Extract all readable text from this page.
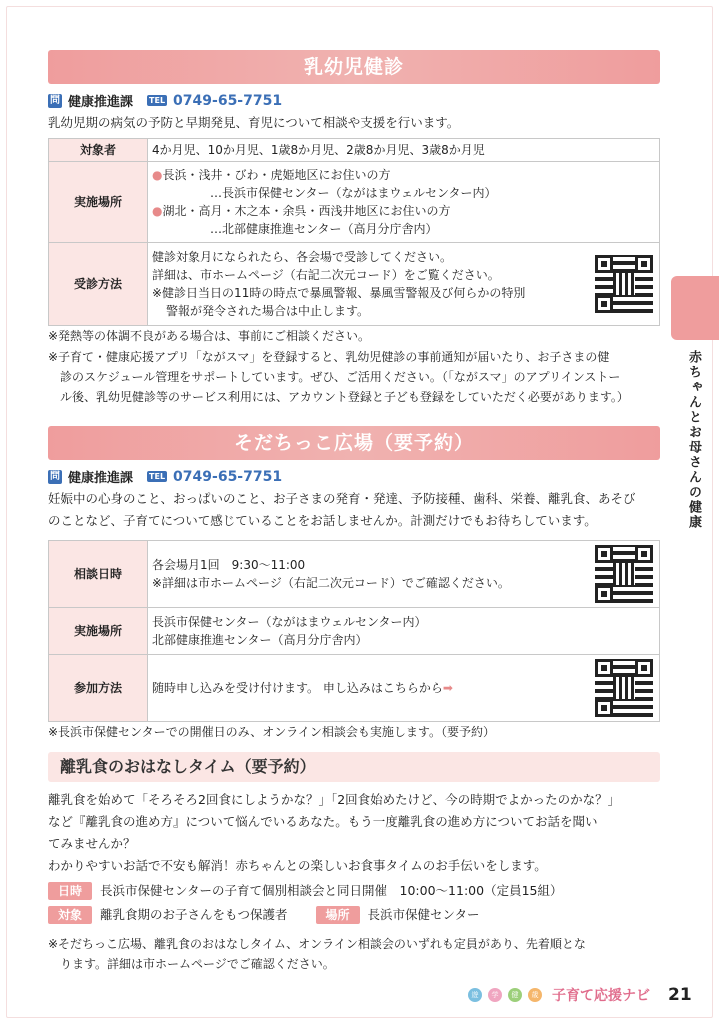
乳幼児健診
問 健康推進課 TEL 0749-65-7751
乳幼児期の病気の予防と早期発見、育児について相談や支援を行います。
対象者	4か月児、10か月児、1歳8か月児、2歳8か月児、3歳8か月児
実施場所	●長浜・浅井・びわ・虎姫地区にお住いの方
…長浜市保健センター（ながはまウェルセンター内）
●湖北・高月・木之本・余呉・西浅井地区にお住いの方
…北部健康推進センター（高月分庁舎内）

受診方法	健診対象月になられたら、各会場で受診してください。
詳細は、市ホームページ（右記二次元コード）をご覧ください。
※健診日当日の11時の時点で暴風警報、暴風雪警報及び何らかの特別
警報が発令された場合は中止します。
※発熱等の体調不良がある場合は、事前にご相談ください。
※子育て・健康応援アプリ「ながスマ」を登録すると、乳幼児健診の事前通知が届いたり、お子さまの健
診のスケジュール管理をサポートしています。ぜひ、ご活用ください。（「ながスマ」のアプリインストー
ル後、乳幼児健診等のサービス利用には、アカウント登録と子ども登録をしていただく必要があります。）
そだちっこ広場（要予約）
問 健康推進課 TEL 0749-65-7751
妊娠中の心身のこと、おっぱいのこと、お子さまの発育・発達、予防接種、歯科、栄養、離乳食、あそび
のことなど、子育てについて感じていることをお話しませんか。計測だけでもお待ちしています。
相談日時	各会場月1回　9:30～11:00
※詳細は市ホームページ（右記二次元コード）でご確認ください。

実施場所	長浜市保健センター（ながはまウェルセンター内）
北部健康推進センター（高月分庁舎内）

参加方法	随時申し込みを受け付けます。 申し込みはこちらから➡
※長浜市保健センターでの開催日のみ、オンライン相談会も実施します。（要予約）
離乳食のおはなしタイム（要予約）
離乳食を始めて「そろそろ2回食にしようかな？」「2回食始めたけど、今の時期でよかったのかな？」
など『離乳食の進め方』について悩んでいるあなた。もう一度離乳食の進め方についてお話を聞い
てみませんか？
わかりやすいお話で不安も解消！赤ちゃんとの楽しいお食事タイムのお手伝いをします。
日時 長浜市保健センターの子育て個別相談会と同日開催　10:00～11:00（定員15組）
対象 離乳食期のお子さんをもつ保護者	場所 長浜市保健センター
※そだちっこ広場、離乳食のおはなしタイム、オンライン相談会のいずれも定員があり、先着順とな
ります。詳細は市ホームページでご確認ください。
赤ちゃんとお母さんの健康
遊	学	健	歳 子育て応援ナビ 21
